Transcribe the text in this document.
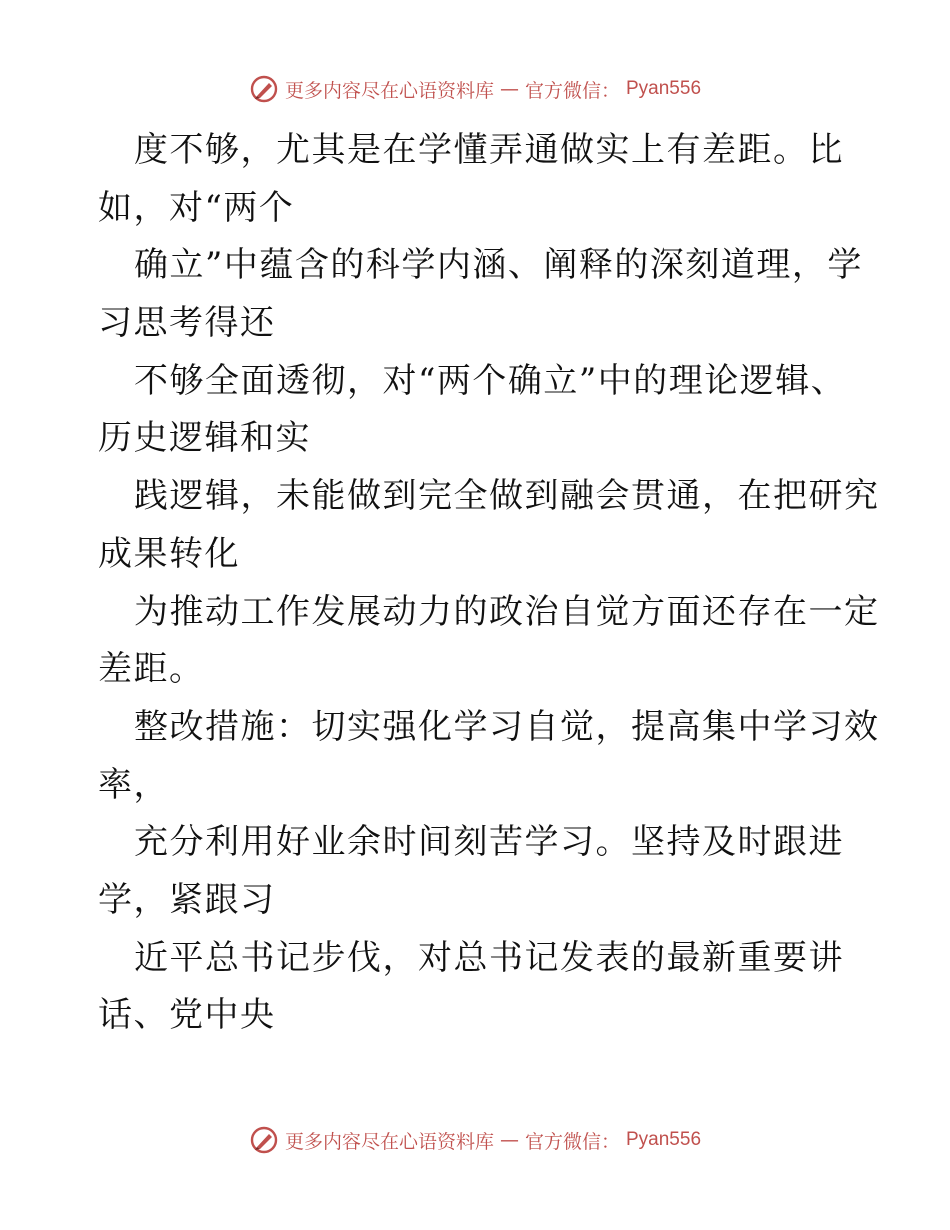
更多内容尽在心语资料库 — 官方微信： Pyan556
度不够，尤其是在学懂弄通做实上有差距。比
如，对“两个
确立”中蕴含的科学内涵、阐释的深刻道理，学
习思考得还
不够全面透彻，对“两个确立”中的理论逻辑、
历史逻辑和实
践逻辑，未能做到完全做到融会贯通，在把研究
成果转化
为推动工作发展动力的政治自觉方面还存在一定
差距。
整改措施：切实强化学习自觉，提高集中学习效
率，
充分利用好业余时间刻苦学习。坚持及时跟进
学，紧跟习
近平总书记步伐，对总书记发表的最新重要讲
话、党中央
更多内容尽在心语资料库 — 官方微信： Pyan556
